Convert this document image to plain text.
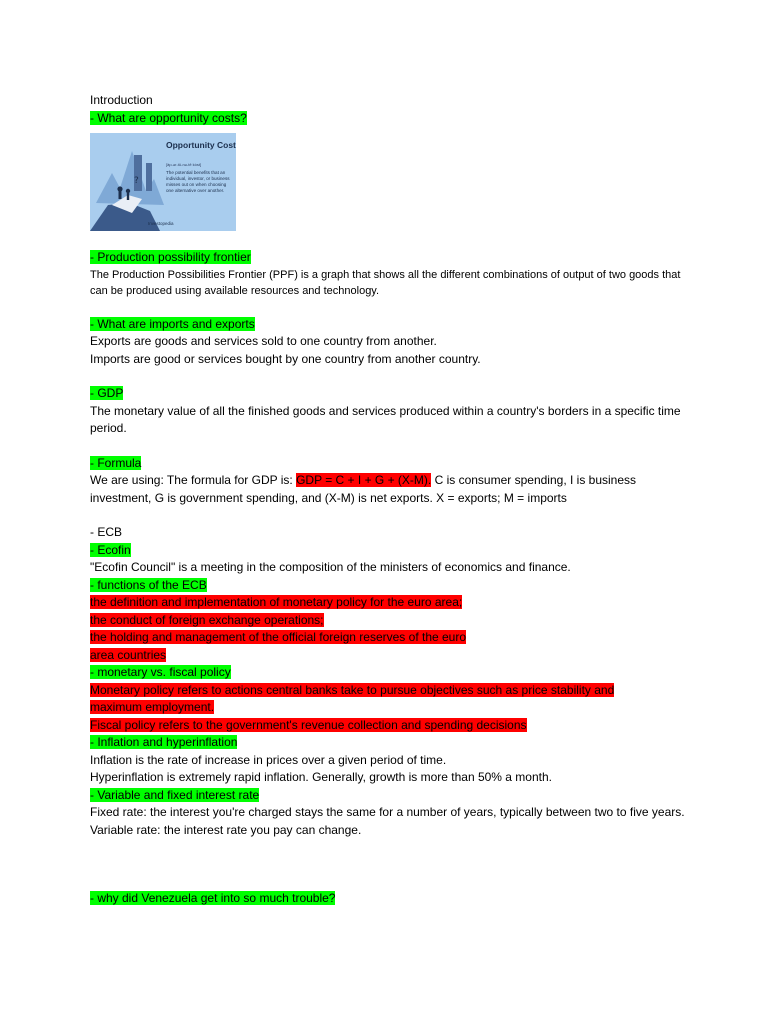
Introduction
- What are opportunity costs?
?
Opportunity Cost
[äp-ər-tü-nə-tē kȯst]
The potential benefits that an individual, investor, or business misses out on when choosing one alternative over another.
Investopedia
- Production possibility frontier
The Production Possibilities Frontier (PPF) is a graph that shows all the different combinations of output of two goods that can be produced using available resources and technology.
- What are imports and exports
Exports are goods and services sold to one country from another.
Imports are good or services bought by one country from another country.
- GDP
The monetary value of all the finished goods and services produced within a country's borders in a specific time period.
- Formula
We are using: The formula for GDP is: GDP = C + I + G + (X-M). C is consumer spending, I is business investment, G is government spending, and (X-M) is net exports. X = exports; M = imports
- ECB
- Ecofin
"Ecofin Council" is a meeting in the composition of the ministers of economics and finance.
- functions of the ECB
the definition and implementation of monetary policy for the euro area;
the conduct of foreign exchange operations;
the holding and management of the official foreign reserves of the euro
area countries
- monetary vs. fiscal policy
Monetary policy refers to actions central banks take to pursue objectives such as price stability and
maximum employment.
Fiscal policy refers to the government's revenue collection and spending decisions
- Inflation and hyperinflation
Inflation is the rate of increase in prices over a given period of time.
Hyperinflation is extremely rapid inflation. Generally, growth is more than 50% a month.
- Variable and fixed interest rate
Fixed rate: the interest you're charged stays the same for a number of years, typically between two to five years.
Variable rate: the interest rate you pay can change.
- why did Venezuela get into so much trouble?
